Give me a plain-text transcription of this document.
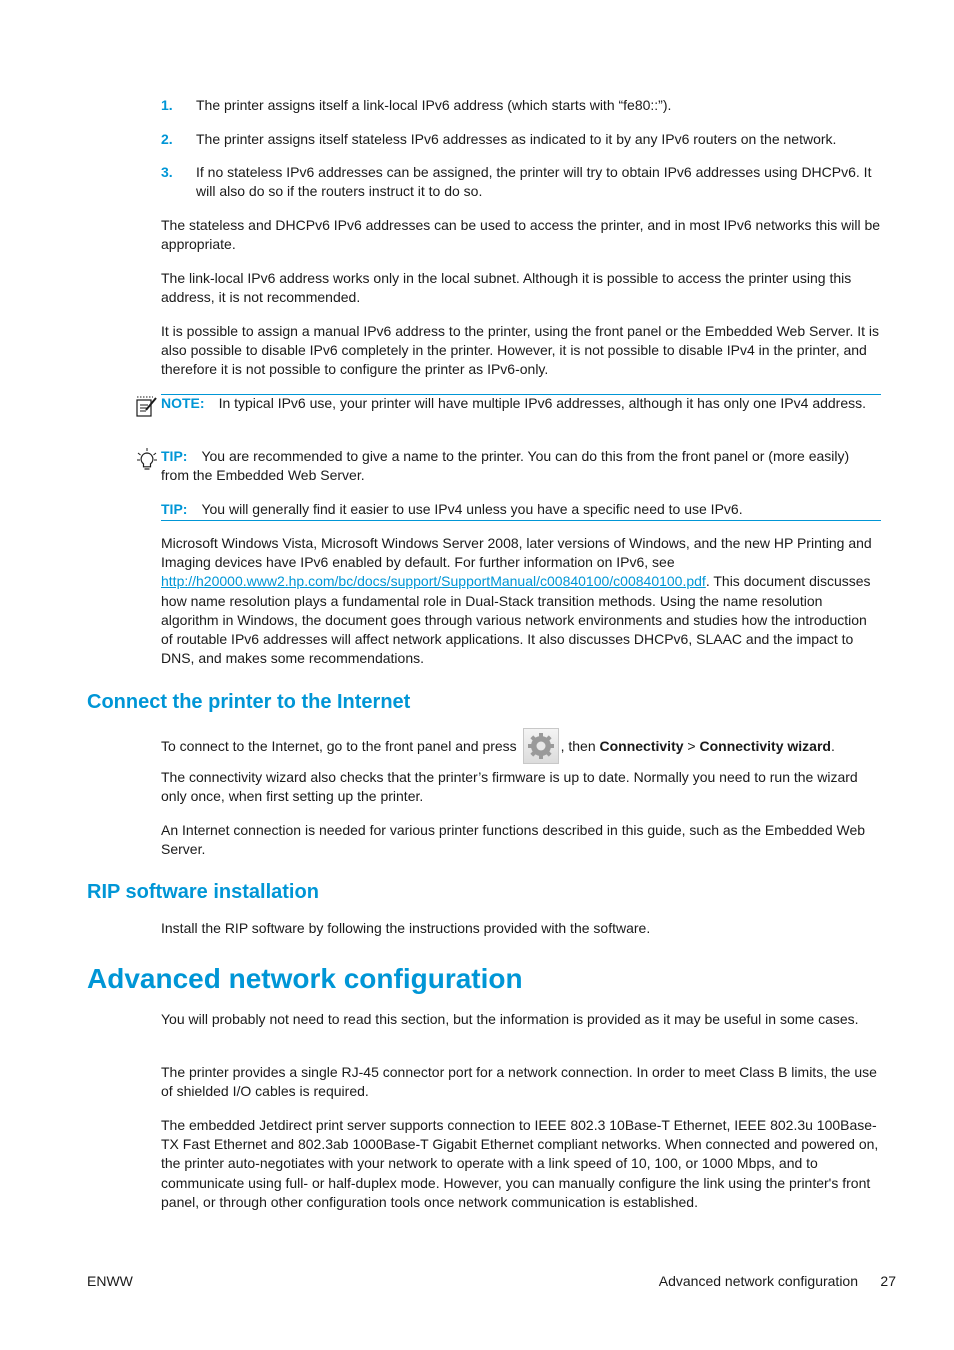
1. The printer assigns itself a link-local IPv6 address (which starts with “fe80::”).
2. The printer assigns itself stateless IPv6 addresses as indicated to it by any IPv6 routers on the network.
3. If no stateless IPv6 addresses can be assigned, the printer will try to obtain IPv6 addresses using DHCPv6. It will also do so if the routers instruct it to do so.

The stateless and DHCPv6 IPv6 addresses can be used to access the printer, and in most IPv6 networks this will be appropriate.

The link-local IPv6 address works only in the local subnet. Although it is possible to access the printer using this address, it is not recommended.

It is possible to assign a manual IPv6 address to the printer, using the front panel or the Embedded Web Server. It is also possible to disable IPv6 completely in the printer. However, it is not possible to disable IPv4 in the printer, and therefore it is not possible to configure the printer as IPv6-only.

NOTE: In typical IPv6 use, your printer will have multiple IPv6 addresses, although it has only one IPv4 address.
TIP: You are recommended to give a name to the printer. You can do this from the front panel or (more easily) from the Embedded Web Server.
TIP: You will generally find it easier to use IPv4 unless you have a specific need to use IPv6.

Microsoft Windows Vista, Microsoft Windows Server 2008, later versions of Windows, and the new HP Printing and Imaging devices have IPv6 enabled by default. For further information on IPv6, see http://h20000.www2.hp.com/bc/docs/support/SupportManual/c00840100/c00840100.pdf. This document discusses how name resolution plays a fundamental role in Dual-Stack transition methods. Using the name resolution algorithm in Windows, the document goes through various network environments and studies how the introduction of routable IPv6 addresses will affect network applications. It also discusses DHCPv6, SLAAC and the impact to DNS, and makes some recommendations.

Connect the printer to the Internet

To connect to the Internet, go to the front panel and press	, then Connectivity > Connectivity wizard.

The connectivity wizard also checks that the printer’s firmware is up to date. Normally you need to run the wizard only once, when first setting up the printer.

An Internet connection is needed for various printer functions described in this guide, such as the Embedded Web Server.

RIP software installation

Install the RIP software by following the instructions provided with the software.

Advanced network configuration

You will probably not need to read this section, but the information is provided as it may be useful in some cases.

The printer provides a single RJ-45 connector port for a network connection. In order to meet Class B limits, the use of shielded I/O cables is required.

The embedded Jetdirect print server supports connection to IEEE 802.3 10Base-T Ethernet, IEEE 802.3u 100Base-TX Fast Ethernet and 802.3ab 1000Base-T Gigabit Ethernet compliant networks. When connected and powered on, the printer auto-negotiates with your network to operate with a link speed of 10, 100, or 1000 Mbps, and to communicate using full- or half-duplex mode. However, you can manually configure the link using the printer's front panel, or through other configuration tools once network communication is established.

ENWW	Advanced network configuration 27
